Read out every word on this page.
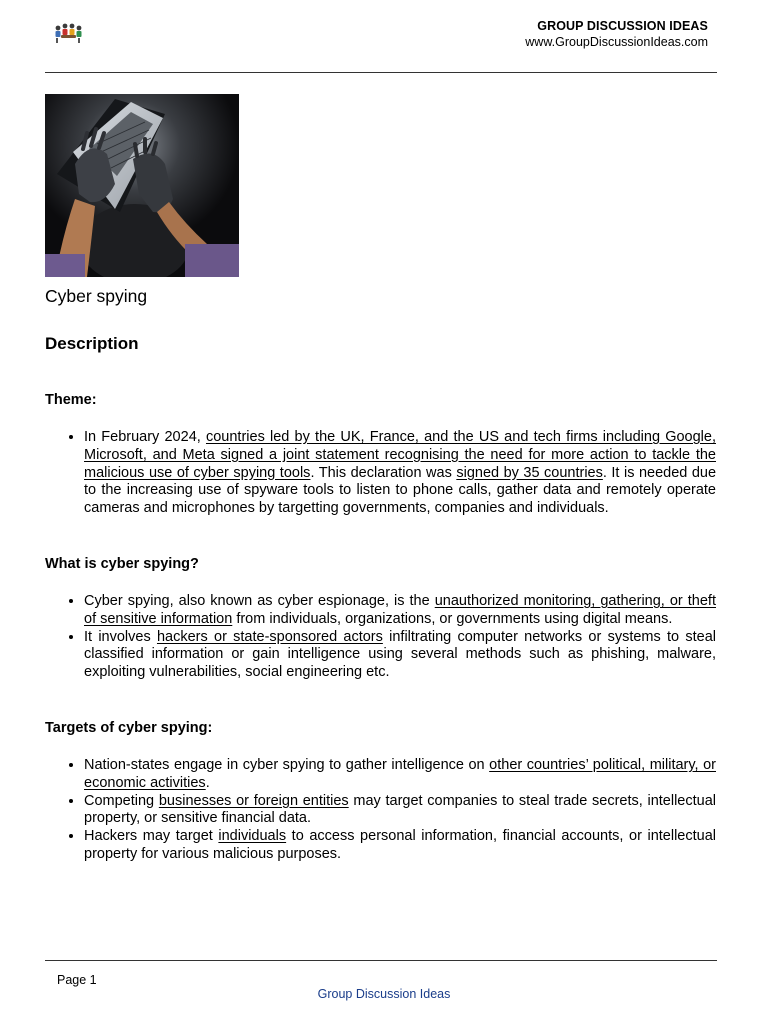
GROUP DISCUSSION IDEAS
www.GroupDiscussionIdeas.com
Cyber spying
Description
Theme:
• In February 2024, countries led by the UK, France, and the US and tech firms including Google, Microsoft, and Meta signed a joint statement recognising the need for more action to tackle the malicious use of cyber spying tools. This declaration was signed by 35 countries. It is needed due to the increasing use of spyware tools to listen to phone calls, gather data and remotely operate cameras and microphones by targetting governments, companies and individuals.
What is cyber spying?
• Cyber spying, also known as cyber espionage, is the unauthorized monitoring, gathering, or theft of sensitive information from individuals, organizations, or governments using digital means.
• It involves hackers or state-sponsored actors infiltrating computer networks or systems to steal classified information or gain intelligence using several methods such as phishing, malware, exploiting vulnerabilities, social engineering etc.
Targets of cyber spying:
• Nation-states engage in cyber spying to gather intelligence on other countries’ political, military, or economic activities.
• Competing businesses or foreign entities may target companies to steal trade secrets, intellectual property, or sensitive financial data.
• Hackers may target individuals to access personal information, financial accounts, or intellectual property for various malicious purposes.
Page 1
Group Discussion Ideas
